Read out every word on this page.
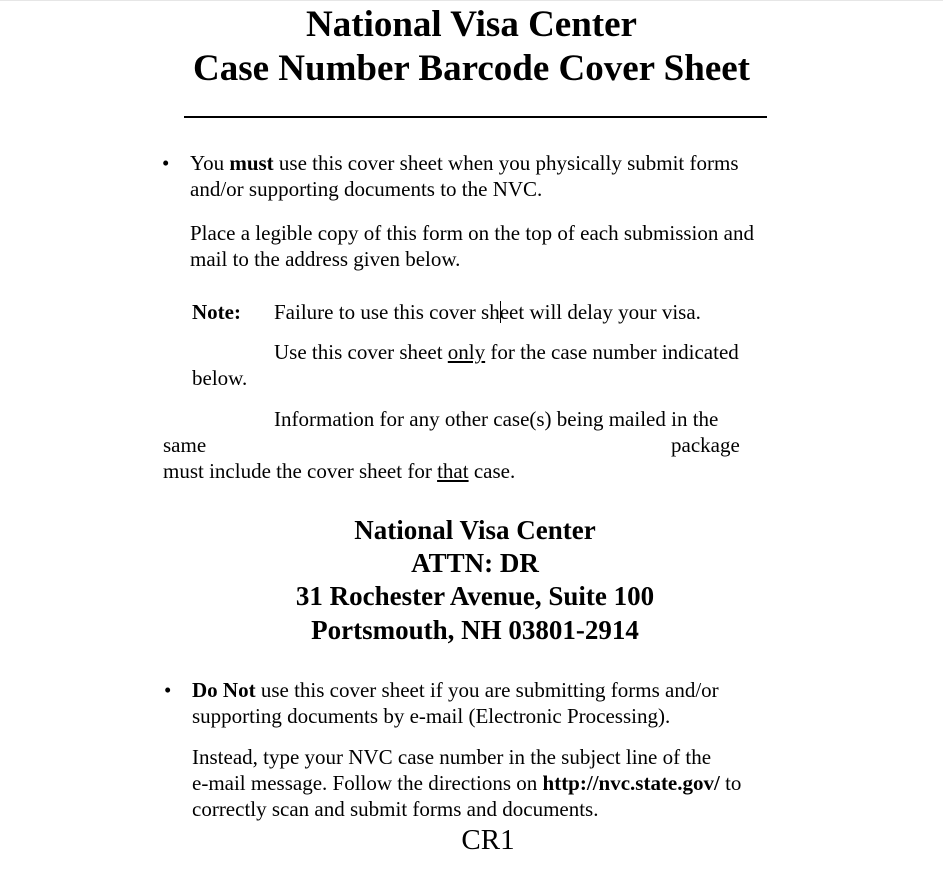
National Visa Center
Case Number Barcode Cover Sheet
• You must use this cover sheet when you physically submit forms
and/or supporting documents to the NVC.
Place a legible copy of this form on the top of each submission and
mail to the address given below.
Note: Failure to use this cover sheet will delay your visa.
Use this cover sheet only for the case number indicated
below.
Information for any other case(s) being mailed in the
same	package
must include the cover sheet for that case.
National Visa Center
ATTN: DR
31 Rochester Avenue, Suite 100
Portsmouth, NH 03801-2914
• Do Not use this cover sheet if you are submitting forms and/or
supporting documents by e-mail (Electronic Processing).
Instead, type your NVC case number in the subject line of the
e-mail message. Follow the directions on http://nvc.state.gov/ to
correctly scan and submit forms and documents.
CR1
